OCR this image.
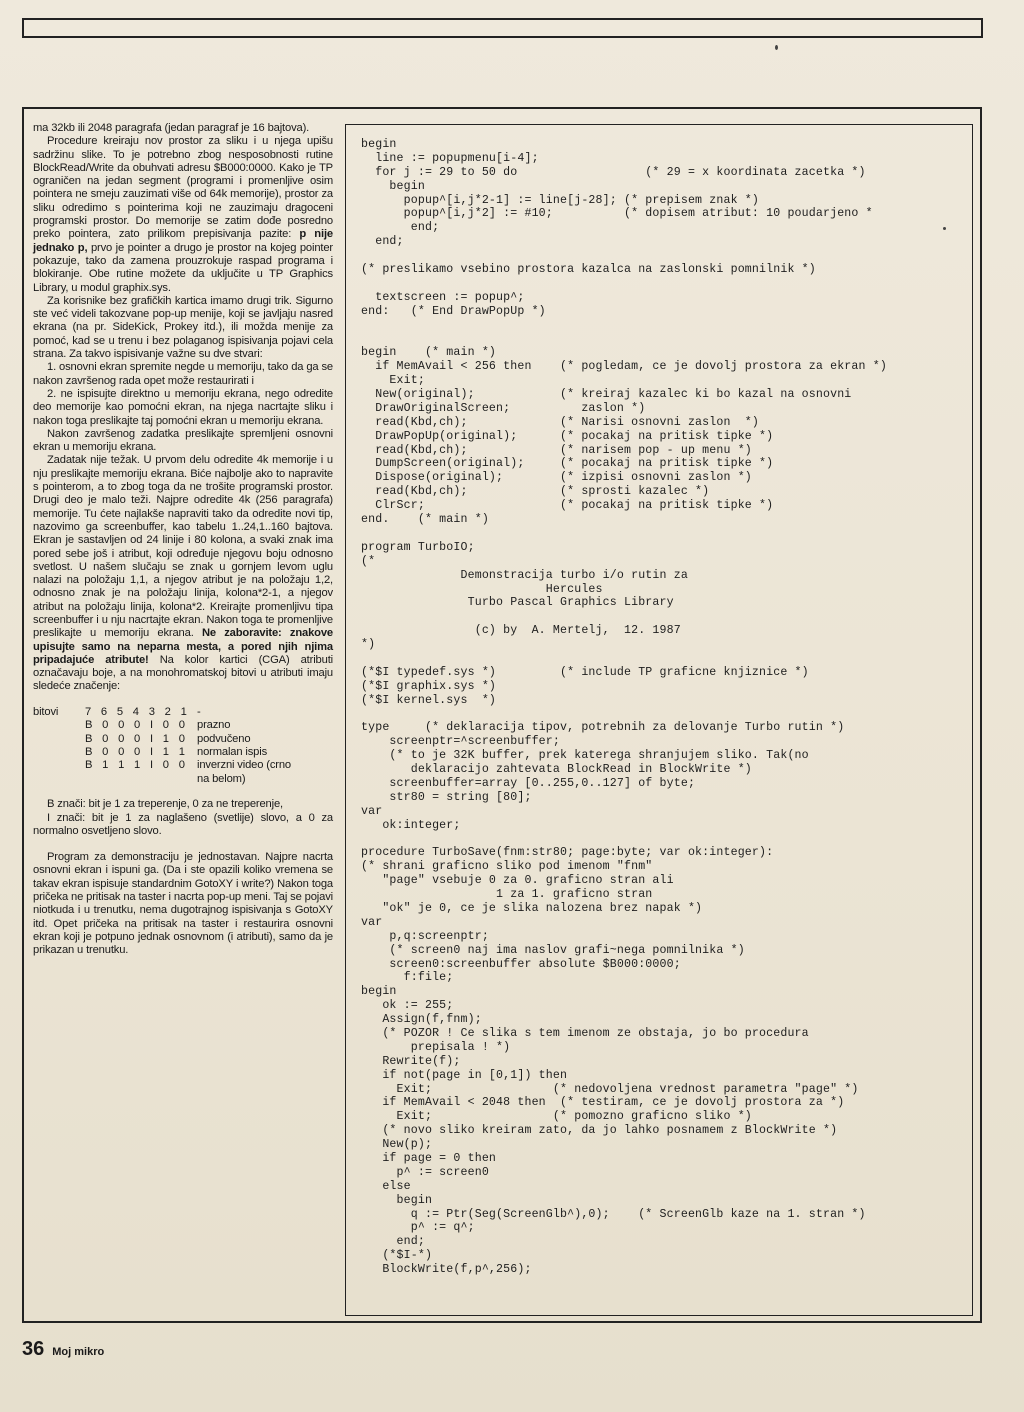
ma 32kb ili 2048 paragrafa (jedan paragraf je 16 bajtova).

Procedure kreiraju nov prostor za sliku i u njega upišu sadržinu slike. To je potrebno zbog nesposobnosti rutine BlockRead/Write da obuhvati adresu $B000:0000. Kako je TP ograničen na jedan segment (programi i promenljive osim pointera ne smeju zauzimati više od 64k memorije), prostor za sliku odredimo s pointerima koji ne zauzimaju dragoceni programski prostor. Do memorije se zatim dođe posredno preko pointera, zato prilikom prepisivanja pazite: p nije jednako p, prvo je pointer a drugo je prostor na kojeg pointer pokazuje, tako da zamena prouzrokuje raspad programa i blokiranje. Obe rutine možete da uključite u TP Graphics Library, u modul graphix.sys.

Za korisnike bez grafičkih kartica imamo drugi trik. Sigurno ste već videli takozvane pop-up menije, koji se javljaju nasred ekrana (na pr. SideKick, Prokey itd.), ili možda menije za pomoć, kad se u trenu i bez polaganog ispisivanja pojavi cela strana. Za takvo ispisivanje važne su dve stvari:

1. osnovni ekran spremite negde u memoriju, tako da ga se nakon završenog rada opet može restaurirati i

2. ne ispisujte direktno u memoriju ekrana, nego odredite deo memorije kao pomoćni ekran, na njega nacrtajte sliku i nakon toga preslikajte taj pomoćni ekran u memoriju ekrana.

Nakon završenog zadatka preslikajte spremljeni osnovni ekran u memoriju ekrana.

Zadatak nije težak. U prvom delu odredite 4k memorije i u nju preslikajte memoriju ekrana. Biće najbolje ako to napravite s pointerom, a to zbog toga da ne trošite programski prostor. Drugi deo je malo teži. Najpre odredite 4k (256 paragrafa) memorije. Tu ćete najlakše napraviti tako da odredite novi tip, nazovimo ga screenbuffer, kao tabelu 1..24,1..160 bajtova. Ekran je sastavljen od 24 linije i 80 kolona, a svaki znak ima pored sebe još i atribut, koji određuje njegovu boju odnosno svetlost. U našem slučaju se znak u gornjem levom uglu nalazi na položaju 1,1, a njegov atribut je na položaju 1,2, odnosno znak je na položaju linija, kolona*2-1, a njegov atribut na položaju linija, kolona*2. Kreirajte promenljivu tipa screenbuffer i u nju nacrtajte ekran. Nakon toga te promenljive preslikajte u memoriju ekrana. Ne zaboravite: znakove upisujte samo na neparna mesta, a pored njih njima pripadajuće atribute! Na kolor kartici (CGA) atributi označavaju boje, a na monohromatskoj bitovi u atributi imaju sledeće značenje:

bitovi	7 6 5 4 3 2 1 -
B 0 0 0 I 0 0 prazno
B 0 0 0 I 1 0 podvučeno
B 0 0 0 I 1 1 normalan ispis
B 1 1 1 I 0 0 inverzni video (crno
na belom)

B znači: bit je 1 za treperenje, 0 za ne treperenje,

I znači: bit je 1 za naglašeno (svetlije) slovo, a 0 za normalno osvetljeno slovo.

Program za demonstraciju je jednostavan. Najpre nacrta osnovni ekran i ispuni ga. (Da i ste opazili koliko vremena se takav ekran ispisuje standardnim GotoXY i write?) Nakon toga pričeka ne pritisak na taster i nacrta pop-up meni. Taj se pojavi niotkuda i u trenutku, nema dugotrajnog ispisivanja s GotoXY itd. Opet pričeka na pritisak na taster i restaurira osnovni ekran koji je potpuno jednak osnovnom (i atributi), samo da je prikazan u trenutku.

begin
line := popupmenu[i-4];
for j := 29 to 50 do                  (* 29 = x koordinata zacetka *)
begin
popup^[i,j*2-1] := line[j-28]; (* prepisem znak *)
popup^[i,j*2] := #10;          (* dopisem atribut: 10 poudarjeno *
end;
end;
(* preslikamo vsebino prostora kazalca na zaslonski pomnilnik *)
textscreen := popup^;
end:   (* End DrawPopUp *)
begin    (* main *)
if MemAvail < 256 then    (* pogledam, ce je dovolj prostora za ekran *)
Exit;
New(original);            (* kreiraj kazalec ki bo kazal na osnovni
DrawOriginalScreen;          zaslon *)
read(Kbd,ch);             (* Narisi osnovni zaslon  *)
DrawPopUp(original);      (* pocakaj na pritisk tipke *)
read(Kbd,ch);             (* narisem pop - up menu *)
DumpScreen(original);     (* pocakaj na pritisk tipke *)
Dispose(original);        (* izpisi osnovni zaslon *)
read(Kbd,ch);             (* sprosti kazalec *)
ClrScr;                   (* pocakaj na pritisk tipke *)
end.    (* main *)
program TurboIO;
(*
Demonstracija turbo i/o rutin za
Hercules
Turbo Pascal Graphics Library
(c) by  A. Mertelj,  12. 1987
*)
(*$I typedef.sys *)         (* include TP graficne knjiznice *)
(*$I graphix.sys *)
(*$I kernel.sys  *)
type     (* deklaracija tipov, potrebnih za delovanje Turbo rutin *)
screenptr=^screenbuffer;
(* to je 32K buffer, prek katerega shranjujem sliko. Tak(no
deklaracijo zahtevata BlockRead in BlockWrite *)
screenbuffer=array [0..255,0..127] of byte;
str80 = string [80];
var
ok:integer;
procedure TurboSave(fnm:str80; page:byte; var ok:integer):
(* shrani graficno sliko pod imenom "fnm"
"page" vsebuje 0 za 0. graficno stran ali
1 za 1. graficno stran
"ok" je 0, ce je slika nalozena brez napak *)
var
p,q:screenptr;
(* screen0 naj ima naslov grafi~nega pomnilnika *)
screen0:screenbuffer absolute $B000:0000;
f:file;
begin
ok := 255;
Assign(f,fnm);
(* POZOR ! Ce slika s tem imenom ze obstaja, jo bo procedura
prepisala ! *)
Rewrite(f);
if not(page in [0,1]) then
Exit;                 (* nedovoljena vrednost parametra "page" *)
if MemAvail < 2048 then  (* testiram, ce je dovolj prostora za *)
Exit;                 (* pomozno graficno sliko *)
(* novo sliko kreiram zato, da jo lahko posnamem z BlockWrite *)
New(p);
if page = 0 then
p^ := screen0
else
begin
q := Ptr(Seg(ScreenGlb^),0);    (* ScreenGlb kaze na 1. stran *)
p^ := q^;
end;
(*$I-*)
BlockWrite(f,p^,256);
36 Moj mikro
